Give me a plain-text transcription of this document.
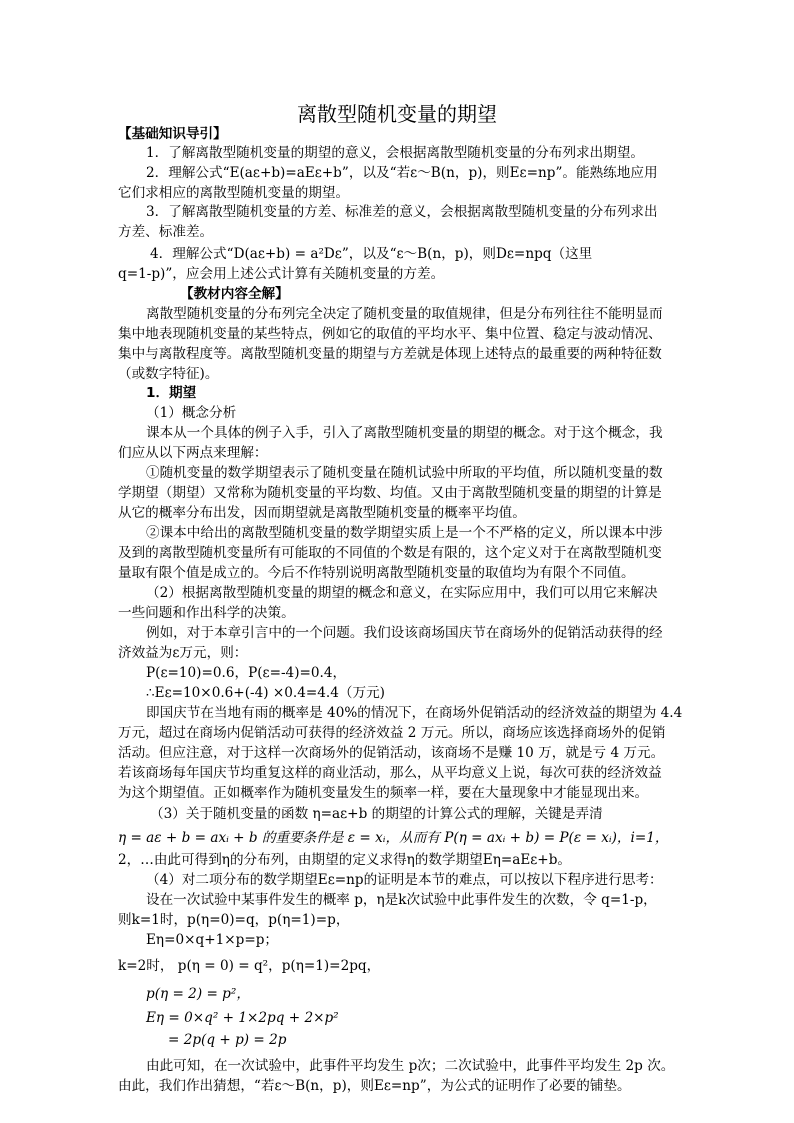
离散型随机变量的期望
【基础知识导引】
1．了解离散型随机变量的期望的意义，会根据离散型随机变量的分布列求出期望。
2．理解公式“E(aε+b)=aEε+b”，以及“若ε～B(n，p)，则Eε=np”。能熟练地应用
它们求相应的离散型随机变量的期望。
3．了解离散型随机变量的方差、标准差的意义，会根据离散型随机变量的分布列求出
方差、标准差。
4．理解公式“D(aε+b) = a²Dε”，以及“ε～B(n，p)，则Dε=npq（这里
q=1-p)”，应会用上述公式计算有关随机变量的方差。
【教材内容全解】
离散型随机变量的分布列完全决定了随机变量的取值规律，但是分布列往往不能明显而
集中地表现随机变量的某些特点，例如它的取值的平均水平、集中位置、稳定与波动情况、
集中与离散程度等。离散型随机变量的期望与方差就是体现上述特点的最重要的两种特征数
（或数字特征)。
1．期望
（1）概念分析
课本从一个具体的例子入手，引入了离散型随机变量的期望的概念。对于这个概念，我
们应从以下两点来理解：
①随机变量的数学期望表示了随机变量在随机试验中所取的平均值，所以随机变量的数
学期望（期望）又常称为随机变量的平均数、均值。又由于离散型随机变量的期望的计算是
从它的概率分布出发，因而期望就是离散型随机变量的概率平均值。
②课本中给出的离散型随机变量的数学期望实质上是一个不严格的定义，所以课本中涉
及到的离散型随机变量所有可能取的不同值的个数是有限的，这个定义对于在离散型随机变
量取有限个值是成立的。今后不作特别说明离散型随机变量的取值均为有限个不同值。
（2）根据离散型随机变量的期望的概念和意义，在实际应用中，我们可以用它来解决
一些问题和作出科学的决策。
例如，对于本章引言中的一个问题。我们设该商场国庆节在商场外的促销活动获得的经
济效益为ε万元，则：
P(ε=10)=0.6，P(ε=-4)=0.4，
∴Eε=10×0.6+(-4) ×0.4=4.4（万元)
即国庆节在当地有雨的概率是 40%的情况下，在商场外促销活动的经济效益的期望为 4.4
万元，超过在商场内促销活动可获得的经济效益 2 万元。所以，商场应该选择商场外的促销
活动。但应注意，对于这样一次商场外的促销活动，该商场不是赚 10 万，就是亏 4 万元。
若该商场每年国庆节均重复这样的商业活动，那么，从平均意义上说，每次可获的经济效益
为这个期望值。正如概率作为随机变量发生的频率一样，要在大量现象中才能显现出来。
（3）关于随机变量的函数 η=aε+b 的期望的计算公式的理解，关键是弄清
η = aε + b = axᵢ + b 的重要条件是 ε = xᵢ，从而有 P(η = axᵢ + b) = P(ε = xᵢ)，i=1，
2，…由此可得到η的分布列，由期望的定义求得η的数学期望Eη=aEε+b。
（4）对二项分布的数学期望Eε=np的证明是本节的难点，可以按以下程序进行思考：
设在一次试验中某事件发生的概率 p，η是k次试验中此事件发生的次数，令 q=1-p，
则k=1时，p(η=0)=q，p(η=1)=p，
Eη=0×q+1×p=p；
k=2时， p(η = 0) = q²，p(η=1)=2pq，
p(η = 2) = p²，
Eη = 0×q² + 1×2pq + 2×p²
= 2p(q + p) = 2p
由此可知，在一次试验中，此事件平均发生 p次；二次试验中，此事件平均发生 2p 次。
由此，我们作出猜想，“若ε～B(n，p)，则Eε=np”，为公式的证明作了必要的铺垫。
